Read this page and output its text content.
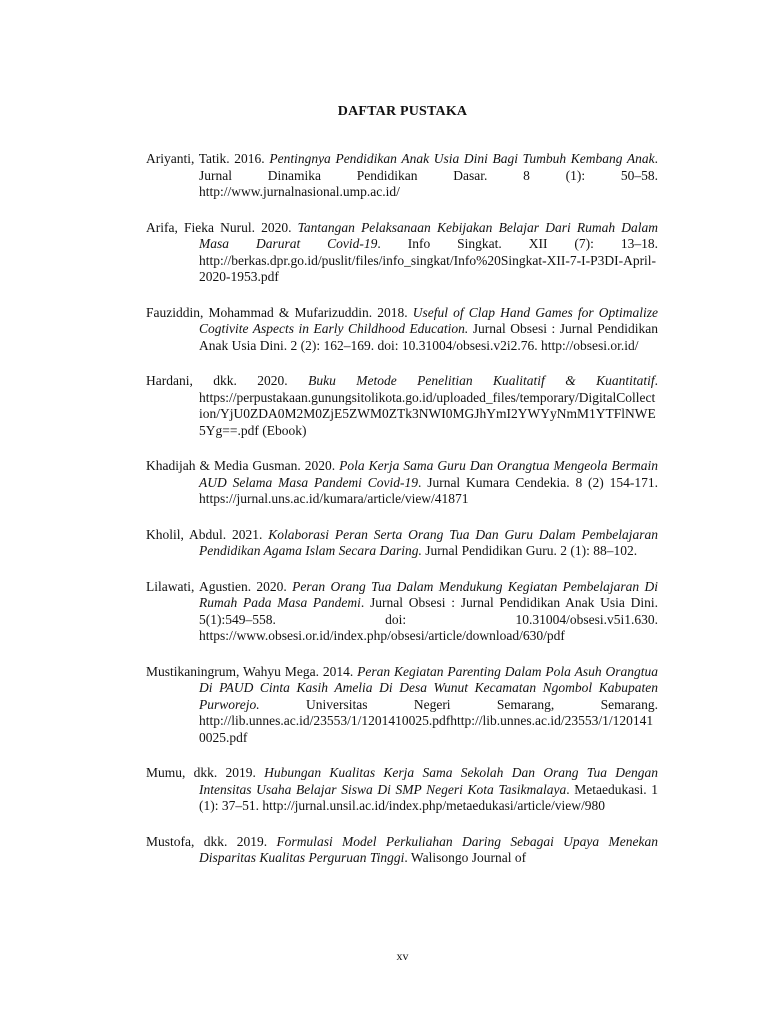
DAFTAR PUSTAKA

Ariyanti, Tatik. 2016. Pentingnya Pendidikan Anak Usia Dini Bagi Tumbuh Kembang Anak. Jurnal Dinamika Pendidikan Dasar. 8 (1): 50–58. http://www.jurnalnasional.ump.ac.id/

Arifa, Fieka Nurul. 2020. Tantangan Pelaksanaan Kebijakan Belajar Dari Rumah Dalam Masa Darurat Covid-19. Info Singkat. XII (7): 13–18. http://berkas.dpr.go.id/puslit/files/info_singkat/Info%20Singkat-XII-7-I-P3DI-April-2020-1953.pdf

Fauziddin, Mohammad & Mufarizuddin. 2018. Useful of Clap Hand Games for Optimalize Cogtivite Aspects in Early Childhood Education. Jurnal Obsesi : Jurnal Pendidikan Anak Usia Dini. 2 (2): 162–169. doi: 10.31004/obsesi.v2i2.76. http://obsesi.or.id/

Hardani, dkk. 2020. Buku Metode Penelitian Kualitatif & Kuantitatif. https://perpustakaan.gunungsitolikota.go.id/uploaded_files/temporary/DigitalCollection/YjU0ZDA0M2M0ZjE5ZWM0ZTk3NWI0MGJhYmI2YWYyNmM1YTFlNWE5Yg==.pdf (Ebook)

Khadijah & Media Gusman. 2020. Pola Kerja Sama Guru Dan Orangtua Mengeola Bermain AUD Selama Masa Pandemi Covid-19. Jurnal Kumara Cendekia. 8 (2) 154-171. https://jurnal.uns.ac.id/kumara/article/view/41871

Kholil, Abdul. 2021. Kolaborasi Peran Serta Orang Tua Dan Guru Dalam Pembelajaran Pendidikan Agama Islam Secara Daring. Jurnal Pendidikan Guru. 2 (1): 88–102.

Lilawati, Agustien. 2020. Peran Orang Tua Dalam Mendukung Kegiatan Pembelajaran Di Rumah Pada Masa Pandemi. Jurnal Obsesi : Jurnal Pendidikan Anak Usia Dini. 5(1):549–558. doi: 10.31004/obsesi.v5i1.630. https://www.obsesi.or.id/index.php/obsesi/article/download/630/pdf

Mustikaningrum, Wahyu Mega. 2014. Peran Kegiatan Parenting Dalam Pola Asuh Orangtua Di PAUD Cinta Kasih Amelia Di Desa Wunut Kecamatan Ngombol Kabupaten Purworejo. Universitas Negeri Semarang, Semarang. http://lib.unnes.ac.id/23553/1/1201410025.pdfhttp://lib.unnes.ac.id/23553/1/1201410025.pdf

Mumu, dkk. 2019. Hubungan Kualitas Kerja Sama Sekolah Dan Orang Tua Dengan Intensitas Usaha Belajar Siswa Di SMP Negeri Kota Tasikmalaya. Metaedukasi. 1 (1): 37–51. http://jurnal.unsil.ac.id/index.php/metaedukasi/article/view/980

Mustofa, dkk. 2019. Formulasi Model Perkuliahan Daring Sebagai Upaya Menekan Disparitas Kualitas Perguruan Tinggi. Walisongo Journal of

xv
